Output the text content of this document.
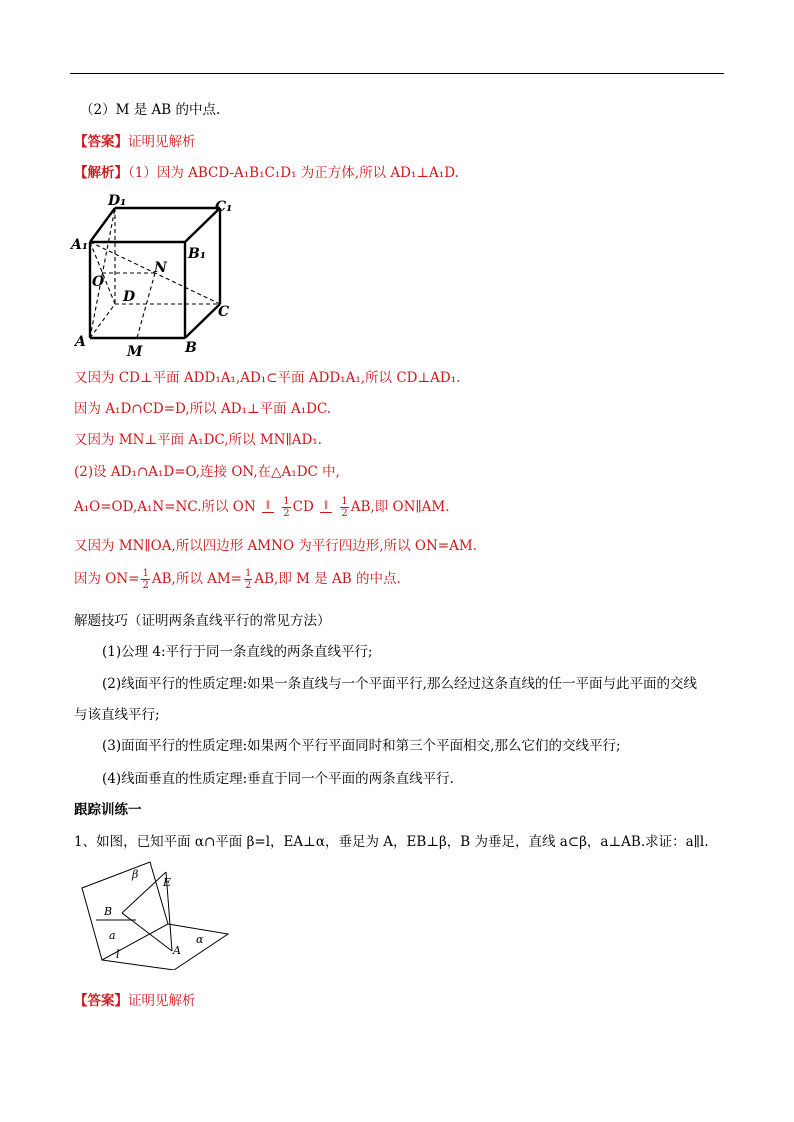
（2）M 是 AB 的中点.
【答案】证明见解析
【解析】（1）因为 ABCD-A₁B₁C₁D₁ 为正方体,所以 AD₁⊥A₁D.
D₁	C₁
A₁
B₁
O
N
D
C
A
M	B
又因为 CD⊥平面 ADD₁A₁,AD₁⊂平面 ADD₁A₁,所以 CD⊥AD₁.
因为 A₁D∩CD=D,所以 AD₁⊥平面 A₁DC.
又因为 MN⊥平面 A₁DC,所以 MN∥AD₁.
(2)设 AD₁∩A₁D=O,连接 ON,在△A₁DC 中,
A₁O=OD,A₁N=NC.所以 ON	∥
	$\frac{1}{2}$ CD	∥
	$\frac{1}{2}$ AB,即 ON∥AM.
又因为 MN∥OA,所以四边形 AMNO 为平行四边形,所以 ON=AM.
因为 $ON= \frac{1}{2}$ AB,所以 $AM= \frac{1}{2}$ AB,即 M 是 AB 的中点.
解题技巧（证明两条直线平行的常见方法）
(1)公理 4:平行于同一条直线的两条直线平行;
(2)线面平行的性质定理:如果一条直线与一个平面平行,那么经过这条直线的任一平面与此平面的交线
与该直线平行;
(3)面面平行的性质定理:如果两个平行平面同时和第三个平面相交,那么它们的交线平行;
(4)线面垂直的性质定理:垂直于同一个平面的两条直线平行.
跟踪训练一
1、如图，已知平面 α∩平面 β=l，EA⊥α，垂足为 A，EB⊥β，B 为垂足，直线 a⊂β，a⊥AB.求证：a∥l.
β
E
B
a	α
A
l
【答案】证明见解析
